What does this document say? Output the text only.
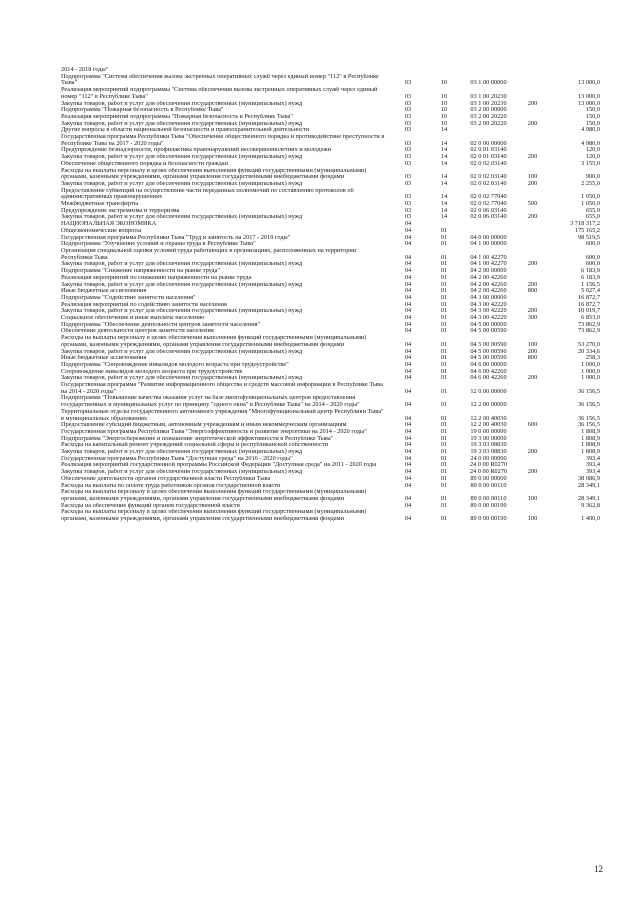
2014 - 2018 годы"					
Подпрограмма "Система обеспечения вызова экстренных оперативных служб через единый номер "112" в Республике Тыва"	03	10	03 1 00 00000		13 000,0
Реализация мероприятий подпрограммы "Система обеспечения вызова экстренных оперативных служб через единый номер "112" в Республике Тыва"	03	10	03 1 00 20230		13 000,0
Закупка товаров, работ и услуг для обеспечения государственных (муниципальных) нужд	03	10	03 1 00 20230	200	13 000,0
Подпрограмма "Пожарная безопасность в Республике Тыва"	03	10	03 2 00 00000		150,0
Реализация мероприятий подпрограммы "Пожарная безопасность в Республике Тыва"	03	10	03 2 00 20220		150,0
Закупка товаров, работ и услуг для обеспечения государственных (муниципальных) нужд	03	10	03 2 00 20220	200	150,0
Другие вопросы в области национальной безопасности и правоохранительной деятельности	03	14			4 980,0
Государственная программа Республики Тыва "Обеспечение общественного порядка и противодействие преступности в Республике Тыва на 2017 - 2020 годы"	03	14	02 0 00 00000		4 980,0
Предупреждение безнадзорности, профилактика правонарушений несовершеннолетних и молодежи	03	14	02 0 01 03140		120,0
Закупка товаров, работ и услуг для обеспечения государственных (муниципальных) нужд	03	14	02 0 01 03140	200	120,0
Обеспечение общественного порядка и безопасности граждан	03	14	02 0 02 03140		3 155,0
Расходы на выплаты персоналу в целях обеспечения выполнения функций государственными (муниципальными) органами, казенными учреждениями, органами управления государственными внебюджетными фондами	03	14	02 0 02 03140	100	900,0
Закупка товаров, работ и услуг для обеспечения государственных (муниципальных) нужд	03	14	02 0 02 03140	200	2 255,0
Предоставление субвенций на осуществление части переданных полномочий по составлению протоколов об административных правонарушениях	03	14	02 0 02 77040		1 050,0
Межбюджетные трансферты	03	14	02 0 02 77040	500	1 050,0
Предупреждение экстремизма и терроризма	03	14	02 0 06 03140		655,0
Закупка товаров, работ и услуг для обеспечения государственных (муниципальных) нужд	03	14	02 0 06 03140	200	655,0
НАЦИОНАЛЬНАЯ ЭКОНОМИКА	04				3 718 317,2
Общеэкономические вопросы	04	01			175 165,2
Государственная программа Республики Тыва "Труд и занятость на 2017 - 2019 годы"	04	01	04 0 00 00000		98 519,5
Подпрограмма "Улучшение условий и охраны труда в Республике Тыва"	04	01	04 1 00 00000		600,0
Организация специальной оценки условий труда работающих в организациях, расположенных на территории Республики Тыва	04	01	04 1 00 42270		600,0
Закупка товаров, работ и услуг для обеспечения государственных (муниципальных) нужд	04	01	04 1 00 42270	200	600,0
Подпрограмма "Снижение напряженности на рынке труда"	04	01	04 2 00 00000		6 183,9
Реализация мероприятий по снижению напряженности на рынке труда	04	01	04 2 00 42260		6 183,9
Закупка товаров, работ и услуг для обеспечения государственных (муниципальных) нужд	04	01	04 2 00 42260	200	1 156,5
Иные бюджетные ассигнования	04	01	04 2 00 42260	800	5 027,4
Подпрограмма "Содействие занятости населения"	04	01	04 3 00 00000		16 872,7
Реализация мероприятий по содействию занятости населения	04	01	04 3 00 42220		16 872,7
Закупка товаров, работ и услуг для обеспечения государственных (муниципальных) нужд	04	01	04 3 00 42220	200	10 019,7
Социальное обеспечение и иные выплаты населению	04	01	04 3 00 42220	300	6 853,0
Подпрограмма "Обеспечение деятельности центров занятости населения"	04	01	04 5 00 00000		73 862,9
Обеспечение деятельности центров занятости населения	04	01	04 5 00 00590		73 862,9
Расходы на выплаты персоналу в целях обеспечения выполнения функций государственными (муниципальными) органами, казенными учреждениями, органами управления государственными внебюджетными фондами	04	01	04 5 00 00590	100	53 270,0
Закупка товаров, работ и услуг для обеспечения государственных (муниципальных) нужд	04	01	04 5 00 00590	200	20 334,6
Иные бюджетные ассигнования	04	01	04 5 00 00590	800	258,3
Подпрограмма "Сопровождение инвалидов молодого возраста при трудоустройстве"	04	01	04 6 00 00000		1 000,0
Сопровождение инвалидов молодого возраста при трудоустройстве	04	01	04 6 00 42260		1 000,0
Закупка товаров, работ и услуг для обеспечения государственных (муниципальных) нужд	04	01	04 6 00 42260	200	1 000,0
Государственная программа "Развитие информационного общества и средств массовой информации в Республике Тыва на 2014 - 2020 годы"	04	01	12 0 00 00000		36 156,5
Подпрограмма "Повышение качества оказания услуг на базе многофункциональных центров предоставления государственных и муниципальных услуг по принципу "одного окна" в Республике Тыва" на 2014 - 2020 годы"	04	01	12 2 00 00000		36 156,5
Территориальные отделы государственного автономного учреждения "Многофункциональный центр Республики Тыва" в муниципальных образованиях	04	01	12 2 00 40030		36 156,5
Предоставление субсидий бюджетным, автономным учреждениям и иным некоммерческим организациям	04	01	12 2 00 40030	600	36 156,5
Государственная программа Республики Тыва "Энергоэффективность и развитие энергетики на 2014 - 2020 годы"	04	01	19 0 00 00000		1 808,9
Подпрограмма "Энергосбережение и повышение энергетической эффективности в Республике Тыва"	04	01	19 3 00 00000		1 808,9
Расходы на капитальный ремонт учреждений социальной сферы и республиканской собственности	04	01	19 3 03 08830		1 808,9
Закупка товаров, работ и услуг для обеспечения государственных (муниципальных) нужд	04	01	19 3 03 08830	200	1 808,9
Государственная программа Республики Тыва "Доступная среда" на 2016 - 2020 годы"	04	01	24 0 00 00000		393,4
Реализация мероприятий государственной программы Российской Федерации "Доступная среда" на 2011 - 2020 годы	04	01	24 0 00 R0270		393,4
Закупка товаров, работ и услуг для обеспечения государственных (муниципальных) нужд	04	01	24 0 00 R0270	200	393,4
Обеспечение деятельности органов государственной власти Республики Тыва	04	01	89 0 00 00000		38 086,9
Расходы на выплаты по оплате труда работников органов государственной власти	04	01	89 0 00 00110		28 349,1
Расходы на выплаты персоналу в целях обеспечения выполнения функций государственными (муниципальными) органами, казенными учреждениями, органами управления государственными внебюджетными фондами	04	01	89 0 00 00110	100	28 349,1
Расходы на обеспечение функций органов государственной власти	04	01	89 0 00 00190		9 362,8
Расходы на выплаты персоналу в целях обеспечения выполнения функций государственными (муниципальными) органами, казенными учреждениями, органами управления государственными внебюджетными фондами	04	01	89 0 00 00190	100	1 400,0
12
